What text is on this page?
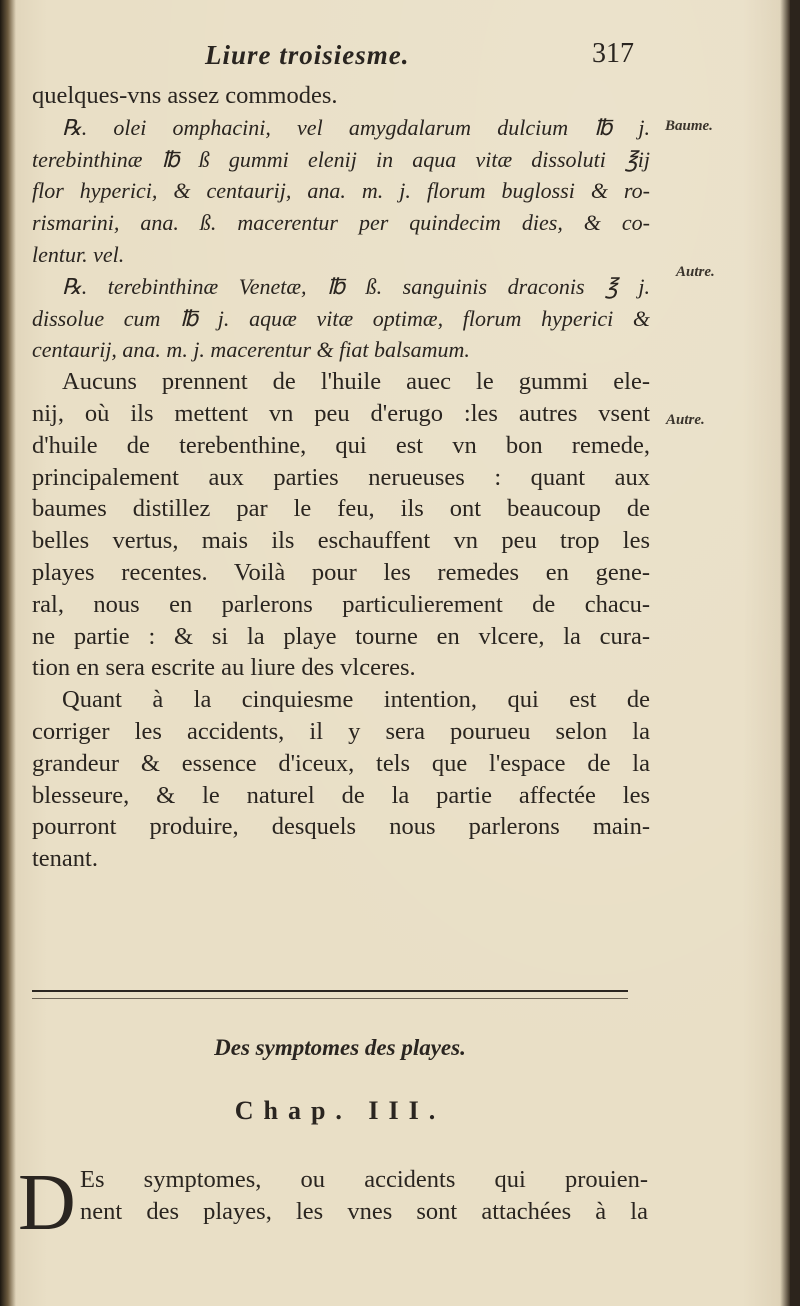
Liure troisiesme.	317
quelques-vns assez commodes.
℞. olei omphacini, vel amygdalarum dulcium ℔ j.
terebinthinæ ℔ ß gummi elenij in aqua vitæ dissoluti ℥ij
flor hyperici, & centaurij, ana. m. j. florum buglossi & ro-
rismarini, ana. ß. macerentur per quindecim dies, & co-
lentur. vel.
℞. terebinthinæ Venetæ, ℔ ß. sanguinis draconis ℥ j.
dissolue cum ℔ j. aquæ vitæ optimæ, florum hyperici &
centaurij, ana. m. j. macerentur & fiat balsamum.
Aucuns prennent de l'huile auec le gummi ele-
nij, où ils mettent vn peu d'erugo :les autres vsent
d'huile de terebenthine, qui est vn bon remede,
principalement aux parties nerueuses : quant aux
baumes distillez par le feu, ils ont beaucoup de
belles vertus, mais ils eschauffent vn peu trop les
playes recentes. Voilà pour les remedes en gene-
ral, nous en parlerons particulierement de chacu-
ne partie : & si la playe tourne en vlcere, la cura-
tion en sera escrite au liure des vlceres.
Quant à la cinquiesme intention, qui est de
corriger les accidents, il y sera pourueu selon la
grandeur & essence d'iceux, tels que l'espace de la
blesseure, & le naturel de la partie affectée les
pourront produire, desquels nous parlerons main-
tenant.
Baume.
Autre.
Autre.
Des symptomes des playes.
Chap. III.
D Es symptomes, ou accidents qui prouien-
nent des playes, les vnes sont attachées à la
